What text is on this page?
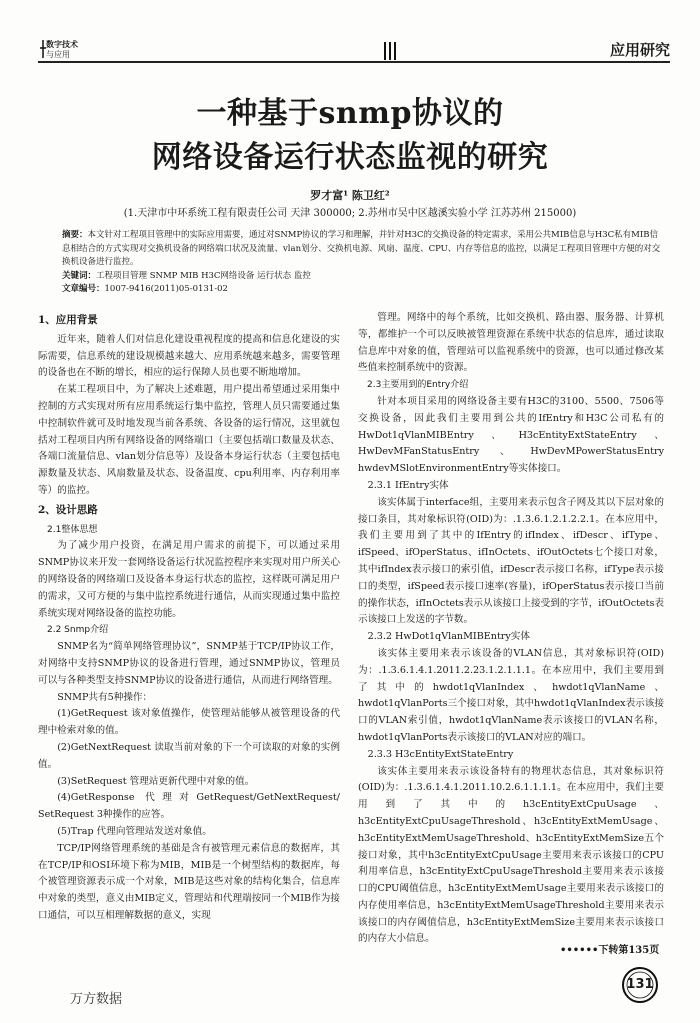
数字技术
与应用	应用研究
一种基于snmp协议的
网络设备运行状态监视的研究
罗才富¹ 陈卫红²
(1.天津市中环系统工程有限责任公司 天津 300000; 2.苏州市吴中区越溪实验小学 江苏苏州 215000)
摘要：本文针对工程项目管理中的实际应用需要，通过对SNMP协议的学习和理解，并针对H3C的交换设备的特定需求，采用公共MIB信息与H3C私有MIB信息相结合的方式实现对交换机设备的网络端口状况及流量、vlan划分、交换机电源、风扇、温度、CPU、内存等信息的监控，以满足工程项目管理中方便的对交换机设备进行监控。
关键词：工程项目管理 SNMP MIB H3C网络设备 运行状态 监控
文章编号：1007-9416(2011)05-0131-02

1、应用背景

近年来，随着人们对信息化建设重视程度的提高和信息化建设的实际需要，信息系统的建设规模越来越大、应用系统越来越多，需要管理的设备也在不断的增长，相应的运行保障人员也要不断地增加。

在某工程项目中，为了解决上述难题，用户提出希望通过采用集中控制的方式实现对所有应用系统运行集中监控，管理人员只需要通过集中控制软件就可及时地发现当前各系统、各设备的运行情况，这里就包括对工程项目内所有网络设备的网络端口（主要包括端口数量及状态、各端口流量信息、vlan划分信息等）及设备本身运行状态（主要包括电源数量及状态、风扇数量及状态、设备温度、cpu利用率、内存利用率等）的监控。

2、设计思路

2.1整体思想

为了减少用户投资，在满足用户需求的前提下，可以通过采用SNMP协议来开发一套网络设备运行状况监控程序来实现对用户所关心的网络设备的网络端口及设备本身运行状态的监控，这样既可满足用户的需求，又可方便的与集中监控系统进行通信，从而实现通过集中监控系统实现对网络设备的监控功能。

2.2 Snmp介绍

SNMP名为“简单网络管理协议”，SNMP基于TCP/IP协议工作，对网络中支持SNMP协议的设备进行管理，通过SNMP协议，管理员可以与各种类型支持SNMP协议的设备进行通信，从而进行网络管理。

SNMP共有5种操作：

(1)GetRequest 该对象值操作，使管理站能够从被管理设备的代理中检索对象的值。

(2)GetNextRequest 读取当前对象的下一个可读取的对象的实例值。

(3)SetRequest 管理站更新代理中对象的值。

(4)GetResponse 代理对GetRequest/GetNextRequest/ SetRequest 3种操作的应答。

(5)Trap 代理向管理站发送对象值。

TCP/IP网络管理系统的基础是含有被管理元素信息的数据库，其在TCP/IP和OSI环境下称为MIB，MIB是一个树型结构的数据库，每个被管理资源表示成一个对象，MIB是这些对象的结构化集合，信息库中对象的类型，意义由MIB定义，管理站和代理端按同一个MIB作为接口通信，可以互相理解数据的意义，实现

管理。网络中的每个系统，比如交换机、路由器、服务器、计算机等，都维护一个可以反映被管理资源在系统中状态的信息库，通过读取信息库中对象的值，管理站可以监视系统中的资源，也可以通过修改某些值来控制系统中的资源。

2.3主要用到的Entry介绍

针对本项目采用的网络设备主要有H3C的3100、5500、7506等交换设备，因此我们主要用到公共的IfEntry和H3C公司私有的HwDot1qVlanMIBEntry、H3cEntityExtStateEntry、HwDevMFanStatusEntry、HwDevMPowerStatusEntry hwdevMSlotEnvironmentEntry等实体接口。

2.3.1 IfEntry实体

该实体属于interface组，主要用来表示包含子网及其以下层对象的接口条目，其对象标识符(OID)为：.1.3.6.1.2.1.2.2.1。在本应用中，我们主要用到了其中的IfEntry的ifIndex、ifDescr、ifType、ifSpeed、ifOperStatus、ifInOctets、ifOutOctets七个接口对象，其中ifIndex表示接口的索引值，ifDescr表示接口名称，ifType表示接口的类型，ifSpeed表示接口速率(容量)，ifOperStatus表示接口当前的操作状态，ifInOctets表示从该接口上接受到的字节，ifOutOctets表示该接口上发送的字节数。

2.3.2 HwDot1qVlanMIBEntry实体

该实体主要用来表示该设备的VLAN信息，其对象标识符(OID)为：.1.3.6.1.4.1.2011.2.23.1.2.1.1.1。在本应用中，我们主要用到了其中的hwdot1qVlanIndex、hwdot1qVlanName、hwdot1qVlanPorts三个接口对象，其中hwdot1qVlanIndex表示该接口的VLAN索引值，hwdot1qVlanName表示该接口的VLAN名称，hwdot1qVlanPorts表示该接口的VLAN对应的端口。

2.3.3 H3cEntityExtStateEntry

该实体主要用来表示该设备特有的物理状态信息，其对象标识符(OID)为：.1.3.6.1.4.1.2011.10.2.6.1.1.1.1。在本应用中，我们主要用到了其中的h3cEntityExtCpuUsage、h3cEntityExtCpuUsageThreshold、h3cEntityExtMemUsage、h3cEntityExtMemUsageThreshold、h3cEntityExtMemSize五个接口对象，其中h3cEntityExtCpuUsage主要用来表示该接口的CPU利用率信息，h3cEntityExtCpuUsageThreshold主要用来表示该接口的CPU阈值信息，h3cEntityExtMemUsage主要用来表示该接口的内存使用率信息，h3cEntityExtMemUsageThreshold主要用来表示该接口的内存阈值信息，h3cEntityExtMemSize主要用来表示该接口的内存大小信息。

••••••下转第135页
131
万方数据
